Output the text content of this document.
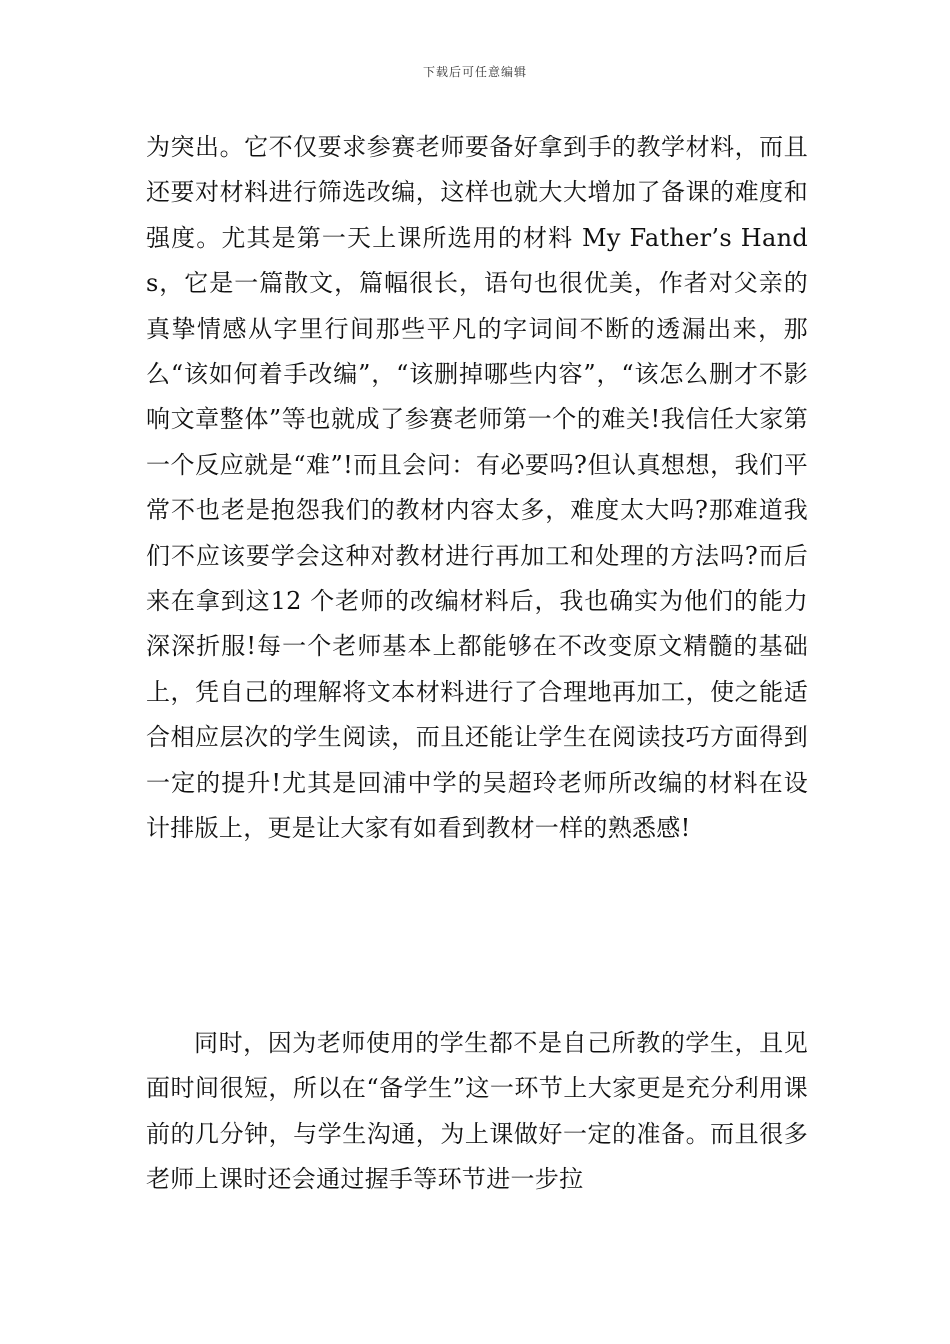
下载后可任意编辑

为突出。它不仅要求参赛老师要备好拿到手的教学材料，而且还要对材料进行筛选改编，这样也就大大增加了备课的难度和强度。尤其是第一天上课所选用的材料 My Father’s Hands，它是一篇散文，篇幅很长，语句也很优美，作者对父亲的真挚情感从字里行间那些平凡的字词间不断的透漏出来，那么“该如何着手改编”，“该删掉哪些内容”，“该怎么删才不影响文章整体”等也就成了参赛老师第一个的难关!我信任大家第一个反应就是“难”!而且会问：有必要吗?但认真想想，我们平常不也老是抱怨我们的教材内容太多，难度太大吗?那难道我们不应该要学会这种对教材进行再加工和处理的方法吗?而后来在拿到这12 个老师的改编材料后，我也确实为他们的能力深深折服!每一个老师基本上都能够在不改变原文精髓的基础上，凭自己的理解将文本材料进行了合理地再加工，使之能适合相应层次的学生阅读，而且还能让学生在阅读技巧方面得到一定的提升!尤其是回浦中学的吴超玲老师所改编的材料在设计排版上，更是让大家有如看到教材一样的熟悉感!

同时，因为老师使用的学生都不是自己所教的学生，且见面时间很短，所以在“备学生”这一环节上大家更是充分利用课前的几分钟，与学生沟通，为上课做好一定的准备。而且很多老师上课时还会通过握手等环节进一步拉
